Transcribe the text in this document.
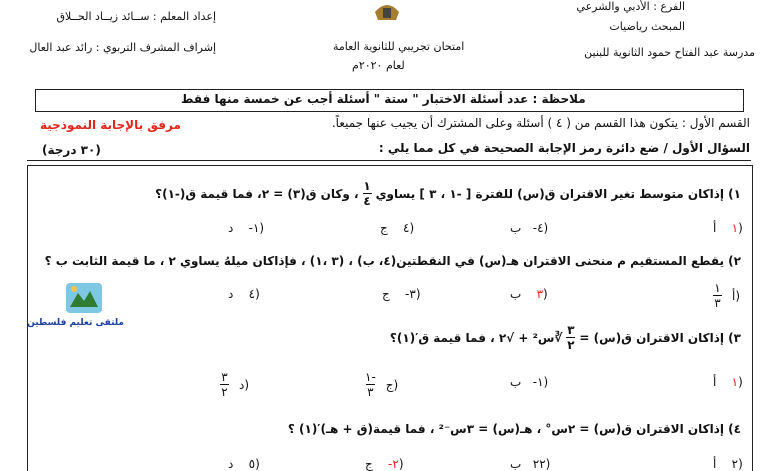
الفرع : الأدبي والشرعي
المبحث رياضيات
مدرسة عبد الفتاح حمود الثانوية للبنين
امتحان تجريبي للثانوية العامة
لعام ٢٠٢٠م
إعداد المعلم : ســائد زيــاد الحــلاق
إشراف المشرف التربوي : رائد عبد العال
ملاحظة : عدد أسئلة الاختبار " ستة " أسئلة أجب عن خمسة منها فقط
القسم الأول : يتكون هذا القسم من ( ٤ ) أسئلة وعلى المشترك أن يجيب عنها جميعاً.
مرفق بالإجابة النموذجية
السؤال الأول / ضع دائرة رمز الإجابة الصحيحة في كل مما يلي :
(٣٠ درجة)
١) إذاكان متوسط تغير الاقتران ق(س) للفترة [ -١ ، ٣ ] يساوي
$\frac{١}{٤}$
، وكان ق(٣) = ٢، فما قيمة ق(-١)؟
١    أ)
٤-   ب)
٤    ج)
١-    د)
٢) يقطع المستقيم م منحنى الاقتران هـ(س) في النقطتين(٤، ب) ، (٣ ،١) ، فإذاكان ميلهُ يساوي ٢ ، ما قيمة الثابت ب ؟
$\frac{١}{٣}$ أ)
٣    ب)
٣-    ج)
٤    د)
ملتقى تعليم فلسطين
٣) إذاكان الاقتران ق(س) =
$\frac{٣}{٢}$
∛س² + √٢ ، فما قيمة ق′(١)؟
١    أ)
١-   ب)
$\frac{١-}{٣}$ ج)
$\frac{٣}{٢}$ د)
٤) إذاكان الاقتران ق(س) = ٢س° ، هـ(س) = ٣س⁻² ، فما قيمة(ق + هـ)′(١) ؟
٢    أ)
٢٢   ب)
٢-    ج)
٥    د)
